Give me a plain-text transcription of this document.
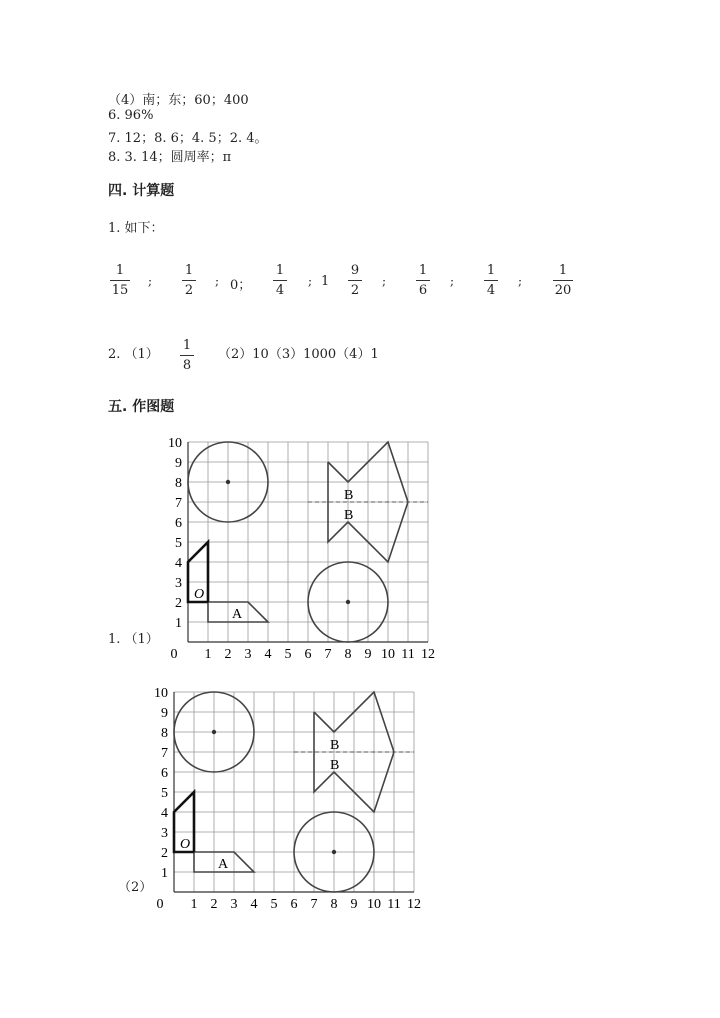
（4）南；东；60；400
6. 96%
7. 12；8. 6；4. 5；2. 4。
8. 3. 14；圆周率；π
四. 计算题
1. 如下：
1
15
;
1
2
; 0；
1
4
; 1
9
2
;
1
6
;
1
4
;
1
20
2. （1）
1
8
（2）10（3）1000（4）1
五. 作图题
1. （1）
（2）
0 1 2 3 4 5 6 7 8 9 10 11 12
1
2
3
4
5
6
7
8
9
10
B
B
A
O
0 1 2 3 4 5 6 7 8 9 10 11 12
1
2
3
4
5
6
7
8
9
10
B
B
A
O
